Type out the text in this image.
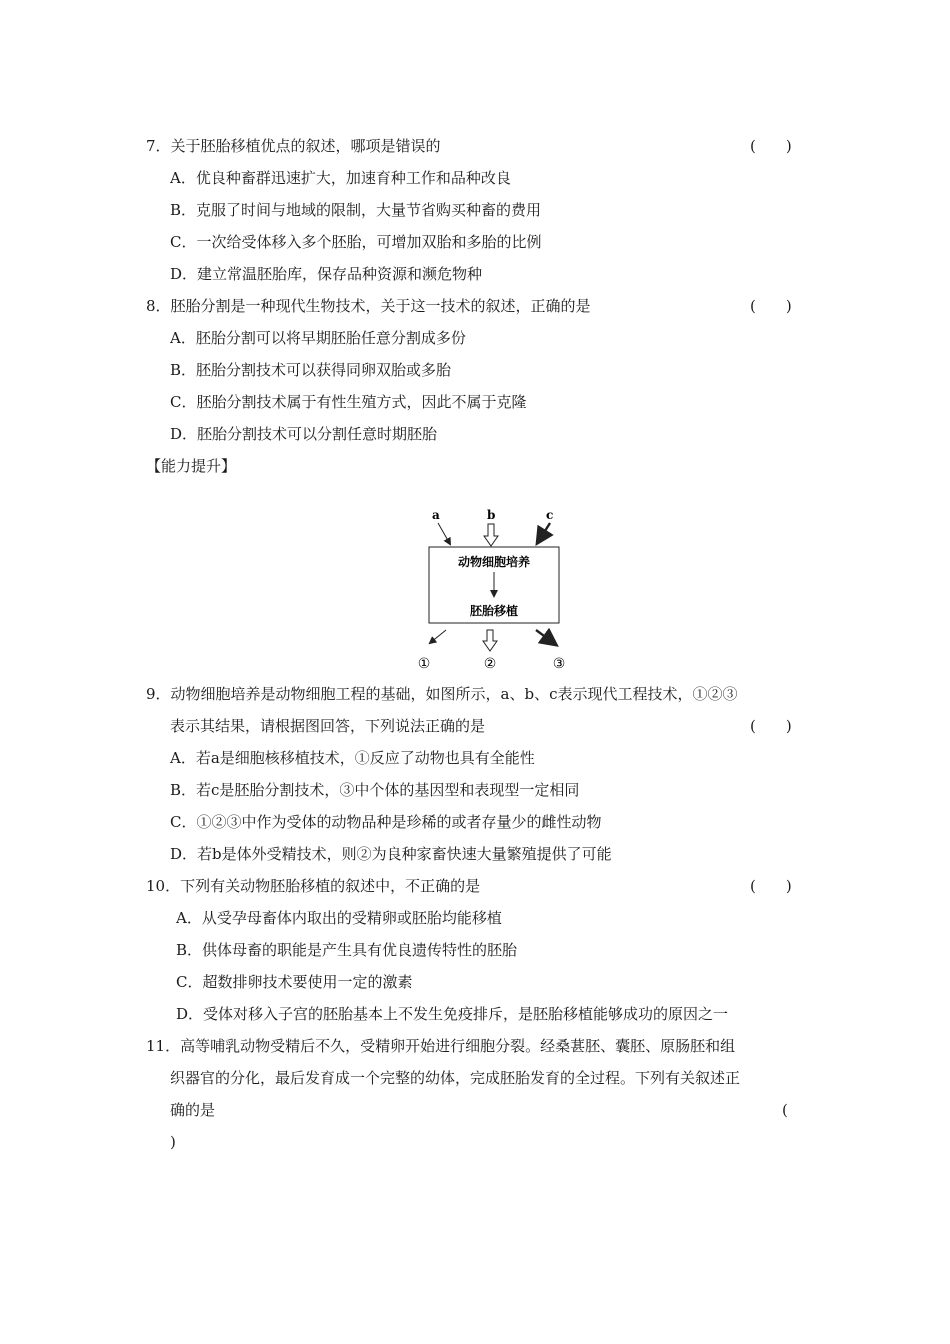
7．关于胚胎移植优点的叙述，哪项是错误的	(　　)
A．优良种畜群迅速扩大，加速育种工作和品种改良
B．克服了时间与地域的限制，大量节省购买种畜的费用
C．一次给受体移入多个胚胎，可增加双胎和多胎的比例
D．建立常温胚胎库，保存品种资源和濒危物种
8．胚胎分割是一种现代生物技术，关于这一技术的叙述，正确的是	(　　)
A．胚胎分割可以将早期胚胎任意分割成多份
B．胚胎分割技术可以获得同卵双胎或多胎
C．胚胎分割技术属于有性生殖方式，因此不属于克隆
D．胚胎分割技术可以分割任意时期胚胎
【能力提升】
a	b	c
动物细胞培养
胚胎移植
①	②	③
9．动物细胞培养是动物细胞工程的基础，如图所示，a、b、c表示现代工程技术，①②③
表示其结果，请根据图回答，下列说法正确的是	(　　)
A．若a是细胞核移植技术，①反应了动物也具有全能性
B．若c是胚胎分割技术，③中个体的基因型和表现型一定相同
C．①②③中作为受体的动物品种是珍稀的或者存量少的雌性动物
D．若b是体外受精技术，则②为良种家畜快速大量繁殖提供了可能
10．下列有关动物胚胎移植的叙述中，不正确的是	(　　)
A．从受孕母畜体内取出的受精卵或胚胎均能移植
B．供体母畜的职能是产生具有优良遗传特性的胚胎
C．超数排卵技术要使用一定的激素
D．受体对移入子宫的胚胎基本上不发生免疫排斥，是胚胎移植能够成功的原因之一
11．高等哺乳动物受精后不久，受精卵开始进行细胞分裂。经桑葚胚、囊胚、原肠胚和组
织器官的分化，最后发育成一个完整的幼体，完成胚胎发育的全过程。下列有关叙述正
确的是	(
)
